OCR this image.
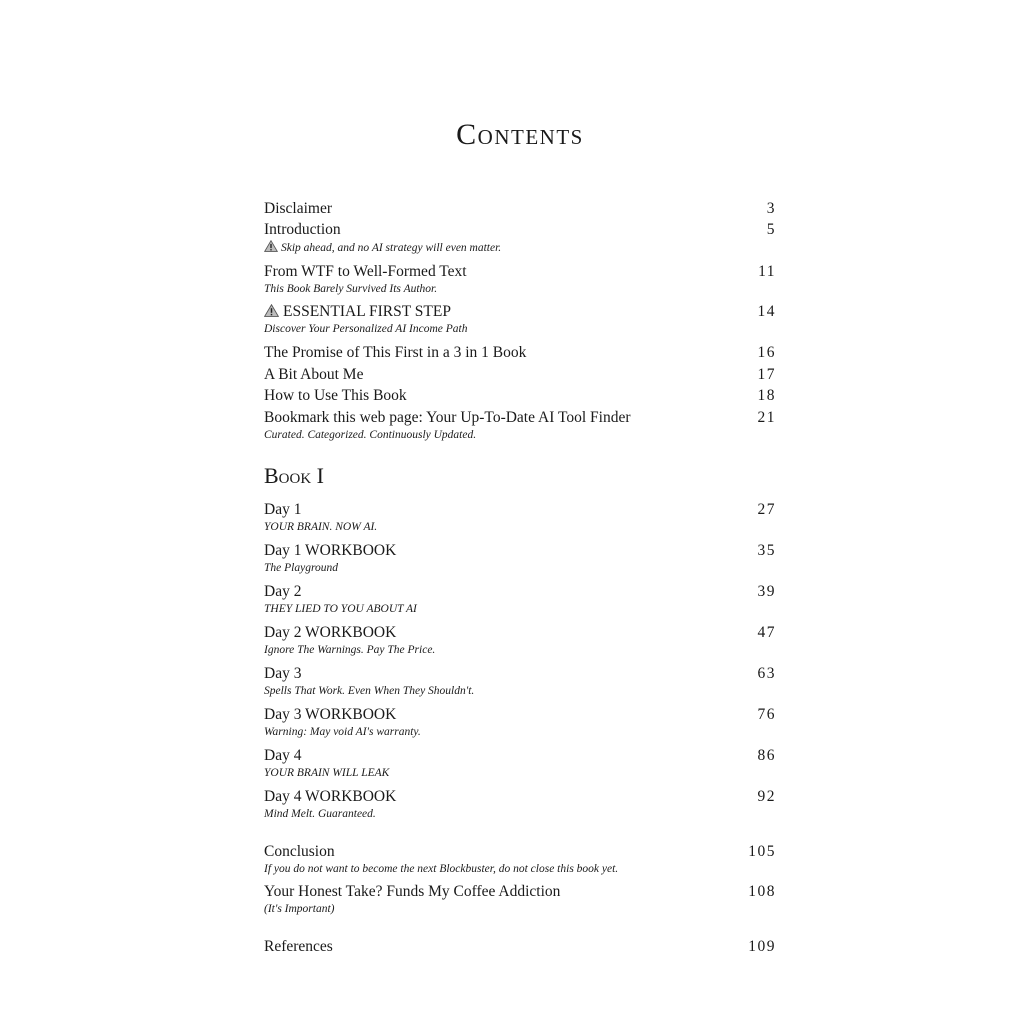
Contents
Disclaimer	3
Introduction	5
Skip ahead, and no AI strategy will even matter.
From WTF to Well-Formed Text	11
This Book Barely Survived Its Author.
ESSENTIAL FIRST STEP	14
Discover Your Personalized AI Income Path
The Promise of This First in a 3 in 1 Book	16
A Bit About Me	17
How to Use This Book	18
Bookmark this web page: Your Up-To-Date AI Tool Finder	21
Curated. Categorized. Continuously Updated.
Book I
Day 1	27
YOUR BRAIN. NOW AI.
Day 1 WORKBOOK	35
The Playground
Day 2	39
THEY LIED TO YOU ABOUT AI
Day 2 WORKBOOK	47
Ignore The Warnings. Pay The Price.
Day 3	63
Spells That Work. Even When They Shouldn't.
Day 3 WORKBOOK	76
Warning: May void AI's warranty.
Day 4	86
YOUR BRAIN WILL LEAK
Day 4 WORKBOOK	92
Mind Melt. Guaranteed.
Conclusion	105
If you do not want to become the next Blockbuster, do not close this book yet.
Your Honest Take? Funds My Coffee Addiction	108
(It's Important)
References	109
